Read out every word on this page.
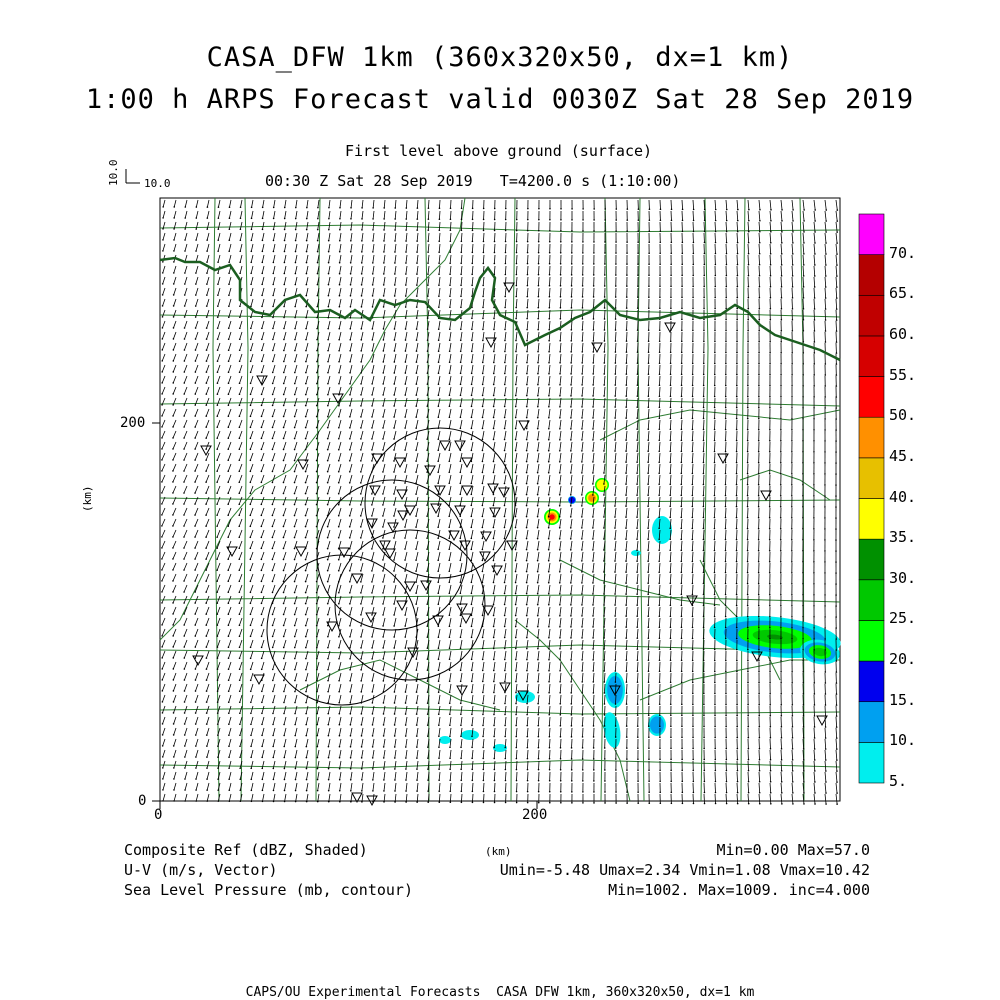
CASA_DFW 1km (360x320x50, dx=1 km)
1:00 h ARPS Forecast valid 0030Z Sat 28 Sep 2019
First level above ground (surface)
00:30 Z Sat 28 Sep 2019   T=4200.0 s (1:10:00)
10.0
10.0
200
0
0	200
(km)
5.
10.
15.
20.
25.
30.
35.
40.
45.
50.
55.
60.
65.
70.
Composite Ref (dBZ, Shaded)
U-V (m/s, Vector)
Sea Level Pressure (mb, contour)
(km)	Min=0.00 Max=57.0
Umin=-5.48 Umax=2.34 Vmin=1.08 Vmax=10.42
Min=1002. Max=1009. inc=4.000
CAPS/OU Experimental Forecasts  CASA DFW 1km, 360x320x50, dx=1 km
